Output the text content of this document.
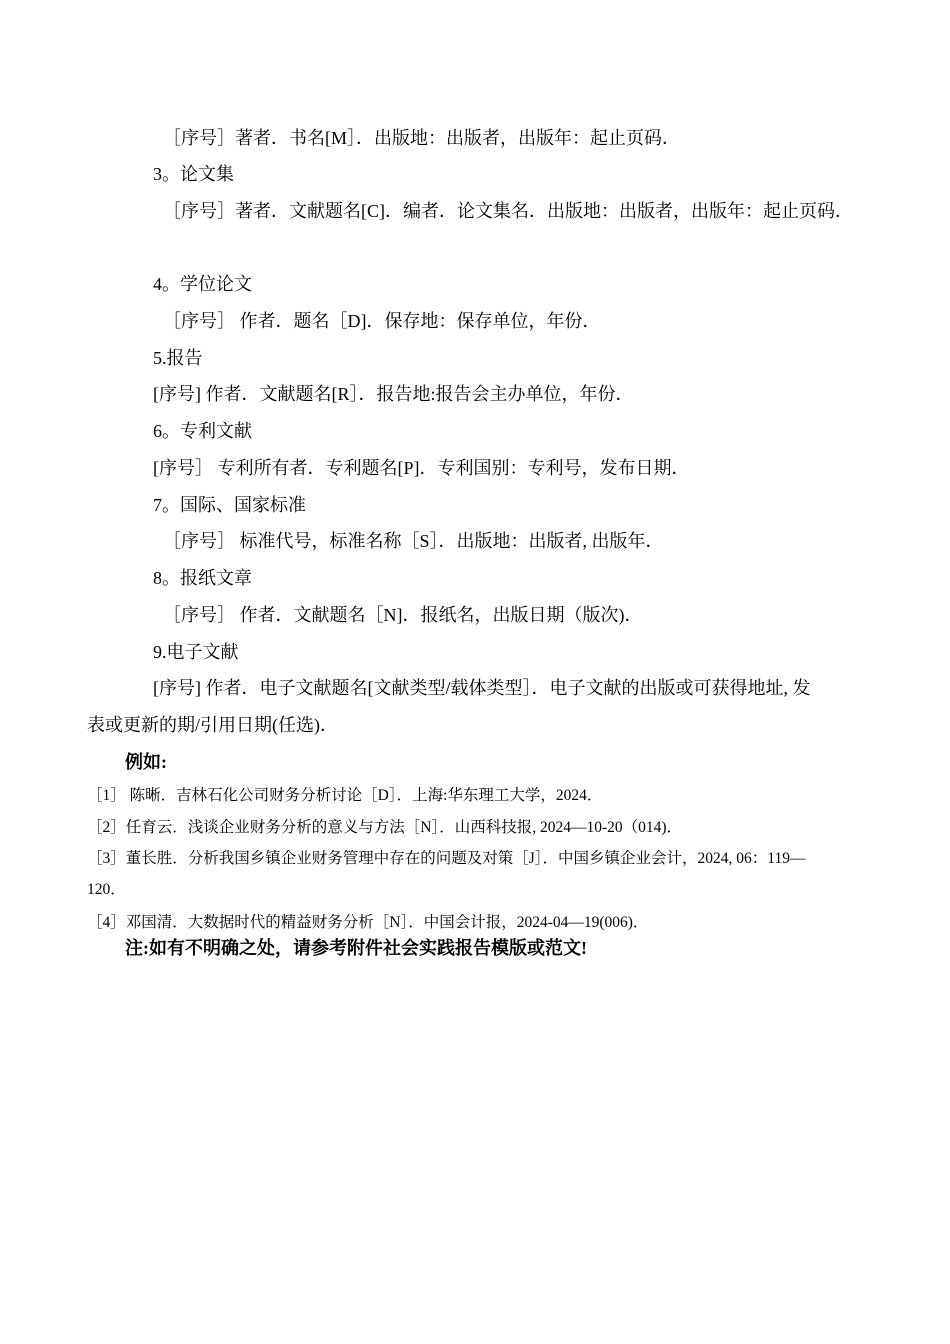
［序号］著者．书名[M］．出版地：出版者，出版年：起止页码．
3。论文集
［序号］著者．文献题名[C]．编者．论文集名．出版地：出版者，出版年：起止页码．
4。学位论文
［序号］ 作者．题名［D]．保存地：保存单位，年份．
5.报告
[序号] 作者．文献题名[R］．报告地:报告会主办单位，年份．
6。专利文献
[序号］ 专利所有者．专利题名[P]．专利国别：专利号，发布日期．
7。国际、国家标准
［序号］ 标准代号，标准名称［S］．出版地：出版者, 出版年．
8。报纸文章
［序号］ 作者．文献题名［N]．报纸名，出版日期（版次)．
9.电子文献
[序号] 作者．电子文献题名[文献类型/载体类型］．电子文献的出版或可获得地址, 发
表或更新的期/引用日期(任选)．
例如:
［1］ 陈晰．吉林石化公司财务分析讨论［D］．上海:华东理工大学，2024．
［2］任育云．浅谈企业财务分析的意义与方法［N］．山西科技报, 2024—10-20（014)．
［3］董长胜．分析我国乡镇企业财务管理中存在的问题及对策［J］．中国乡镇企业会计，2024, 06：119—
120．
［4］邓国清．大数据时代的精益财务分析［N］．中国会计报，2024-04—19(006)．
注:如有不明确之处，请参考附件社会实践报告模版或范文!
